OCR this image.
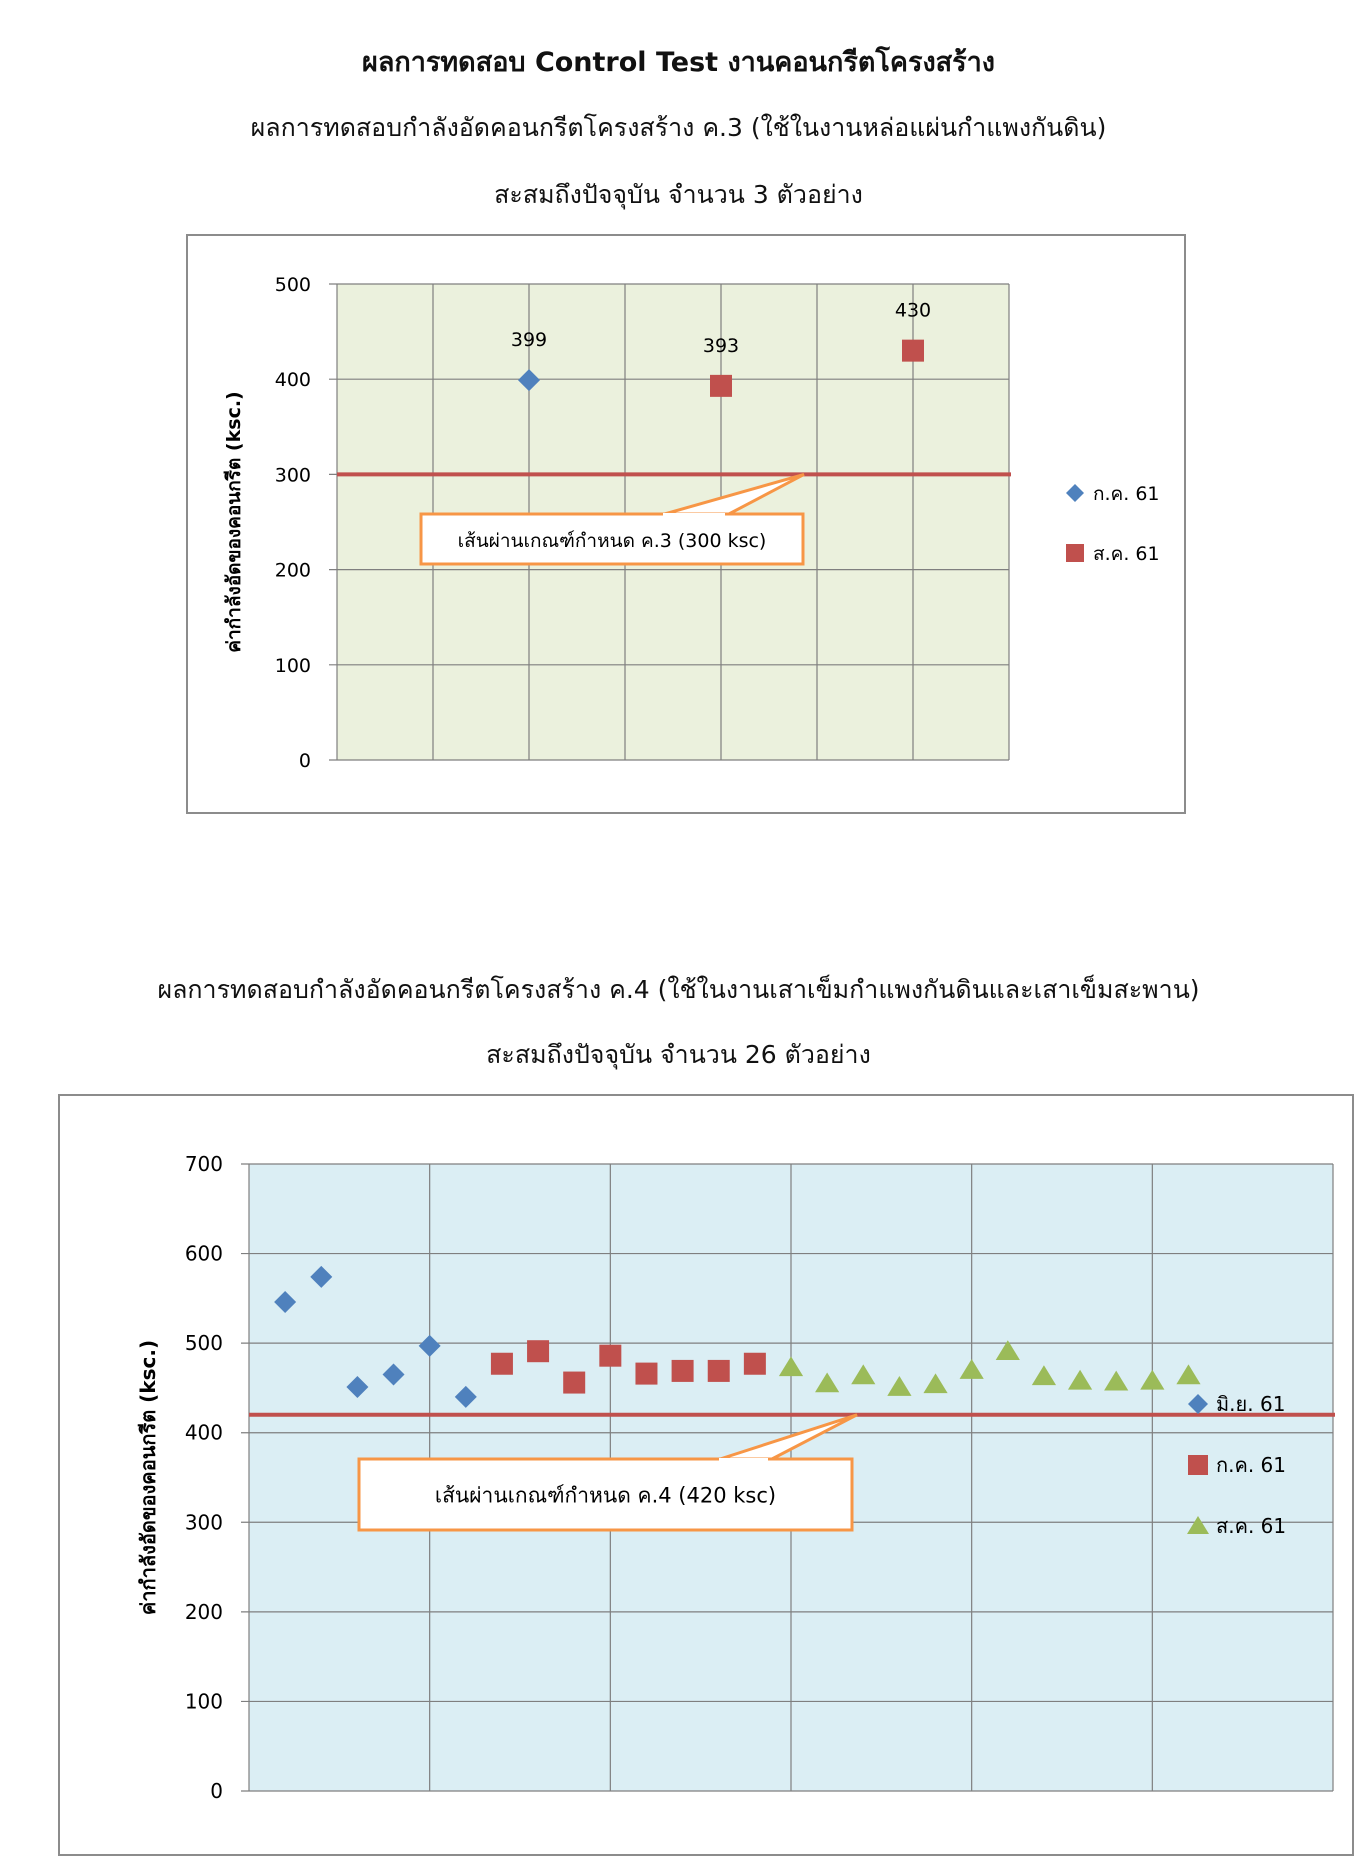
ผลการทดสอบ Control Test งานคอนกรีตโครงสร้าง
ผลการทดสอบกำลังอัดคอนกรีตโครงสร้าง ค.3 (ใช้ในงานหล่อแผ่นกำแพงกันดิน)
สะสมถึงปัจจุบัน จำนวน 3 ตัวอย่าง
0
100
200
300
400
500
ค่ากำลังอัดของคอนกรีต (ksc.)	เส้นผ่านเกณฑ์กำหนด ค.3 (300 ksc)
399	393
430
ก.ค. 61
ส.ค. 61
ผลการทดสอบกำลังอัดคอนกรีตโครงสร้าง ค.4 (ใช้ในงานเสาเข็มกำแพงกันดินและเสาเข็มสะพาน)
สะสมถึงปัจจุบัน จำนวน 26 ตัวอย่าง
0
100
200
300
400
500
600
700
ค่ากำลังอัดของคอนกรีต (ksc.)	เส้นผ่านเกณฑ์กำหนด ค.4 (420 ksc)
มิ.ย. 61
ก.ค. 61
ส.ค. 61
